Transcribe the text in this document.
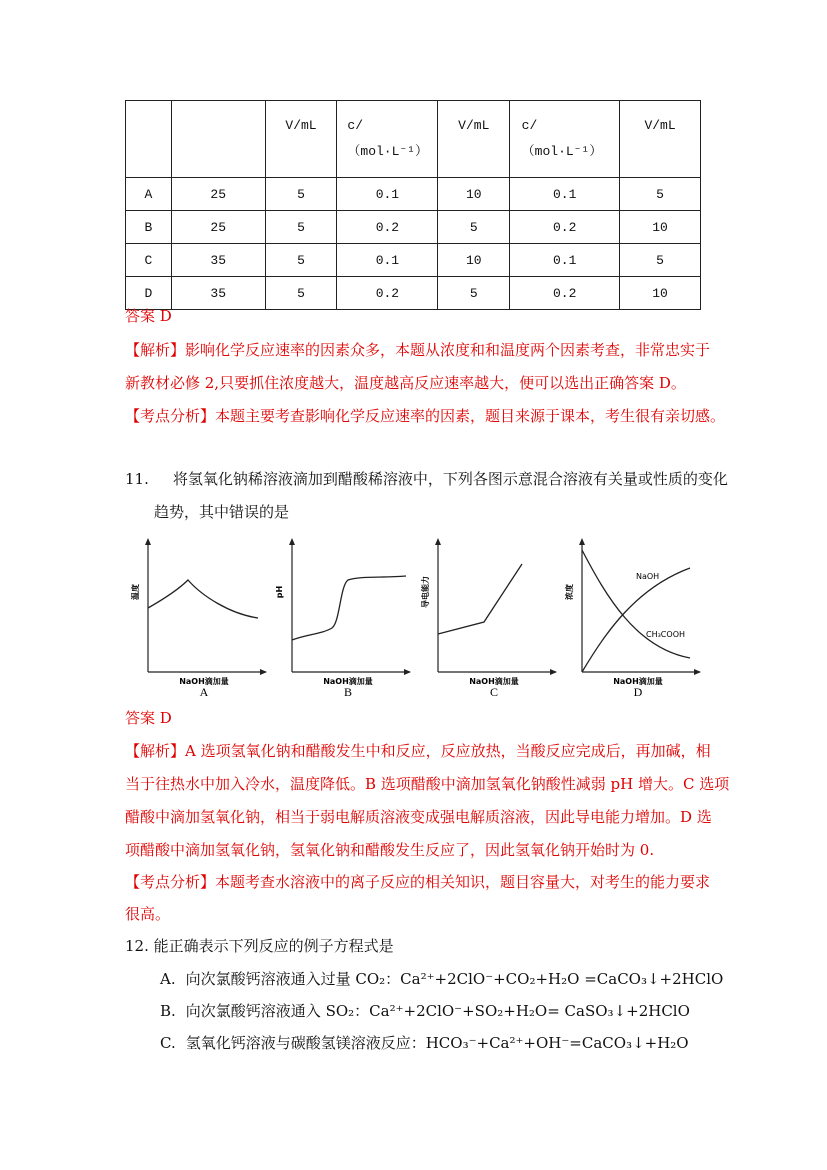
		V/mL	c/（mol·L⁻¹）	V/mL	c/（mol·L⁻¹）	V/mL
A	25	5	0.1	10	0.1	5
B	25	5	0.2	5	0.2	10
C	35	5	0.1	10	0.1	5
D	35	5	0.2	5	0.2	10
答案 D
【解析】影响化学反应速率的因素众多，本题从浓度和和温度两个因素考查，非常忠实于
新教材必修 2,只要抓住浓度越大，温度越高反应速率越大，便可以选出正确答案 D。
【考点分析】本题主要考查影响化学反应速率的因素，题目来源于课本，考生很有亲切感。
11. 将氢氧化钠稀溶液滴加到醋酸稀溶液中，下列各图示意混合溶液有关量或性质的变化
趋势，其中错误的是
温度
NaOH滴加量
A
pH
NaOH滴加量
B
导电能力
NaOH滴加量
C
浓度
NaOH滴加量
D
NaOH
CH₃COOH
答案 D
【解析】A 选项氢氧化钠和醋酸发生中和反应，反应放热，当酸反应完成后，再加碱，相
当于往热水中加入冷水，温度降低。B 选项醋酸中滴加氢氧化钠酸性减弱 pH 增大。C 选项
醋酸中滴加氢氧化钠，相当于弱电解质溶液变成强电解质溶液，因此导电能力增加。D 选
项醋酸中滴加氢氧化钠，氢氧化钠和醋酸发生反应了，因此氢氧化钠开始时为 0.
【考点分析】本题考查水溶液中的离子反应的相关知识，题目容量大，对考生的能力要求
很高。
12. 能正确表示下列反应的例子方程式是
A. 向次氯酸钙溶液通入过量 CO₂：Ca²⁺+2ClO⁻+CO₂+H₂O =CaCO₃↓+2HClO
B. 向次氯酸钙溶液通入 SO₂：Ca²⁺+2ClO⁻+SO₂+H₂O= CaSO₃↓+2HClO
C. 氢氧化钙溶液与碳酸氢镁溶液反应：HCO₃⁻+Ca²⁺+OH⁻=CaCO₃↓+H₂O
